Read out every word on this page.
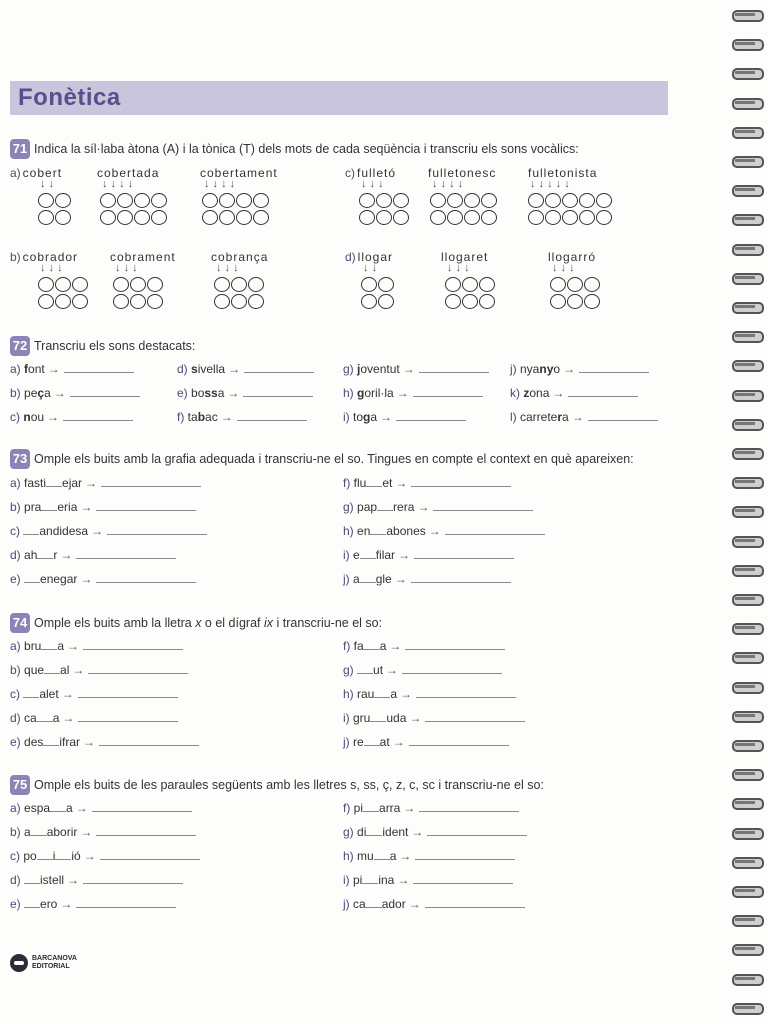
Fonètica
71 Indica la síl·laba àtona (A) i la tònica (T) dels mots de cada seqüència i transcriu els sons vocàlics:
a) cobert
↓ ↓
cobertada
↓ ↓ ↓ ↓
cobertament
↓ ↓ ↓ ↓
c) fulletó
↓ ↓ ↓
fulletonesc
↓ ↓ ↓ ↓
fulletonista
↓ ↓ ↓ ↓ ↓
b) cobrador
↓ ↓ ↓
cobrament
↓ ↓ ↓
cobrança
↓ ↓ ↓
d) llogar
↓ ↓
llogaret
↓ ↓ ↓
llogarró
↓ ↓ ↓
72 Transcriu els sons destacats:
a) font →
b) peça →
c) nou →
d) sivella →
e) bossa →
f) tabac →
g) joventut →
h) goril·la →
i) toga →
j) nyanyo →
k) zona →
l) carretera →
73 Omple els buits amb la grafia adequada i transcriu-ne el so. Tingues en compte el context en què apareixen:
a) fasti ejar →
b) pra eria →
c) andidesa →
d) ah r →
e) enegar →
f) flu et →
g) pap rera →
h) en abones →
i) e filar →
j) a gle →
74 Omple els buits amb la lletra x o el dígraf ix i transcriu-ne el so:
a) bru a →
b) que al →
c) alet →
d) ca a →
e) des ifrar →
f) fa a →
g) ut →
h) rau a →
i) gru uda →
j) re at →
75 Omple els buits de les paraules següents amb les lletres s, ss, ç, z, c, sc i transcriu-ne el so:
a) espa a →
b) a aborir →
c) po i ió →
d) istell →
e) ero →
f) pi arra →
g) di ident →
h) mu a →
i) pi ina →
j) ca ador →
BARCANOVA
EDITORIAL
